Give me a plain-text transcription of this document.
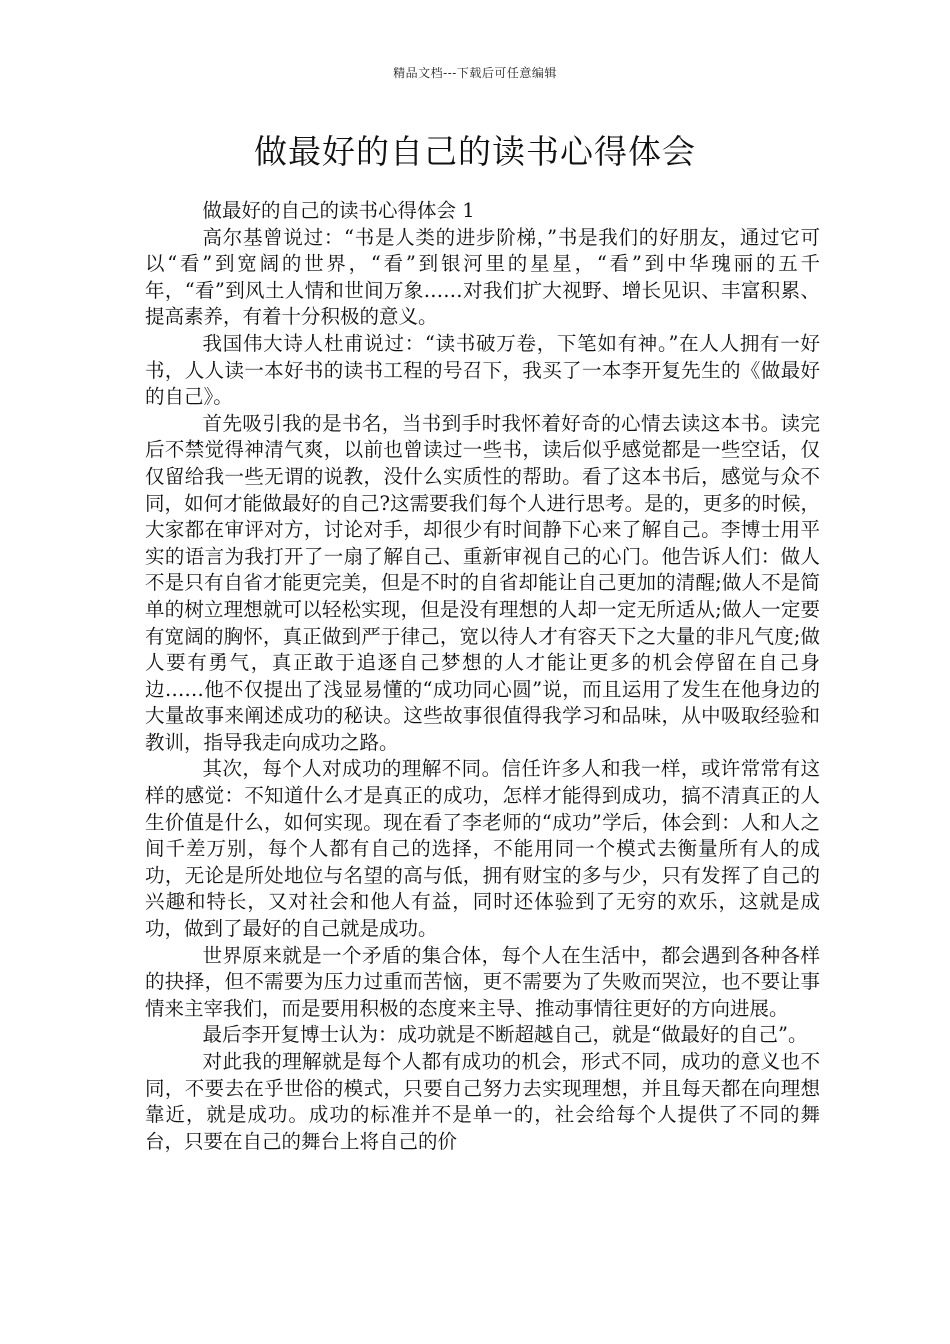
精品文档---下载后可任意编辑
做最好的自己的读书心得体会

做最好的自己的读书心得体会 1

高尔基曾说过：“书是人类的进步阶梯，”书是我们的好朋友，通过它可以“看”到宽阔的世界，“看”到银河里的星星，“看”到中华瑰丽的五千年，“看”到风土人情和世间万象……对我们扩大视野、增长见识、丰富积累、提高素养，有着十分积极的意义。

我国伟大诗人杜甫说过：“读书破万卷，下笔如有神。”在人人拥有一好书，人人读一本好书的读书工程的号召下，我买了一本李开复先生的《做最好的自己》。

首先吸引我的是书名，当书到手时我怀着好奇的心情去读这本书。读完后不禁觉得神清气爽，以前也曾读过一些书，读后似乎感觉都是一些空话，仅仅留给我一些无谓的说教，没什么实质性的帮助。看了这本书后，感觉与众不同，如何才能做最好的自己?这需要我们每个人进行思考。是的，更多的时候，大家都在审评对方，讨论对手，却很少有时间静下心来了解自己。李博士用平实的语言为我打开了一扇了解自己、重新审视自己的心门。他告诉人们：做人不是只有自省才能更完美，但是不时的自省却能让自己更加的清醒;做人不是简单的树立理想就可以轻松实现，但是没有理想的人却一定无所适从;做人一定要有宽阔的胸怀，真正做到严于律己，宽以待人才有容天下之大量的非凡气度;做人要有勇气，真正敢于追逐自己梦想的人才能让更多的机会停留在自己身边……他不仅提出了浅显易懂的“成功同心圆”说，而且运用了发生在他身边的大量故事来阐述成功的秘诀。这些故事很值得我学习和品味，从中吸取经验和教训，指导我走向成功之路。

其次，每个人对成功的理解不同。信任许多人和我一样，或许常常有这样的感觉：不知道什么才是真正的成功，怎样才能得到成功，搞不清真正的人生价值是什么，如何实现。现在看了李老师的“成功”学后，体会到：人和人之间千差万别，每个人都有自己的选择，不能用同一个模式去衡量所有人的成功，无论是所处地位与名望的高与低，拥有财宝的多与少，只有发挥了自己的兴趣和特长，又对社会和他人有益，同时还体验到了无穷的欢乐，这就是成功，做到了最好的自己就是成功。

世界原来就是一个矛盾的集合体，每个人在生活中，都会遇到各种各样的抉择，但不需要为压力过重而苦恼，更不需要为了失败而哭泣，也不要让事情来主宰我们，而是要用积极的态度来主导、推动事情往更好的方向进展。

最后李开复博士认为：成功就是不断超越自己，就是“做最好的自己”。

对此我的理解就是每个人都有成功的机会，形式不同，成功的意义也不同，不要去在乎世俗的模式，只要自己努力去实现理想，并且每天都在向理想靠近，就是成功。成功的标准并不是单一的，社会给每个人提供了不同的舞台，只要在自己的舞台上将自己的价
